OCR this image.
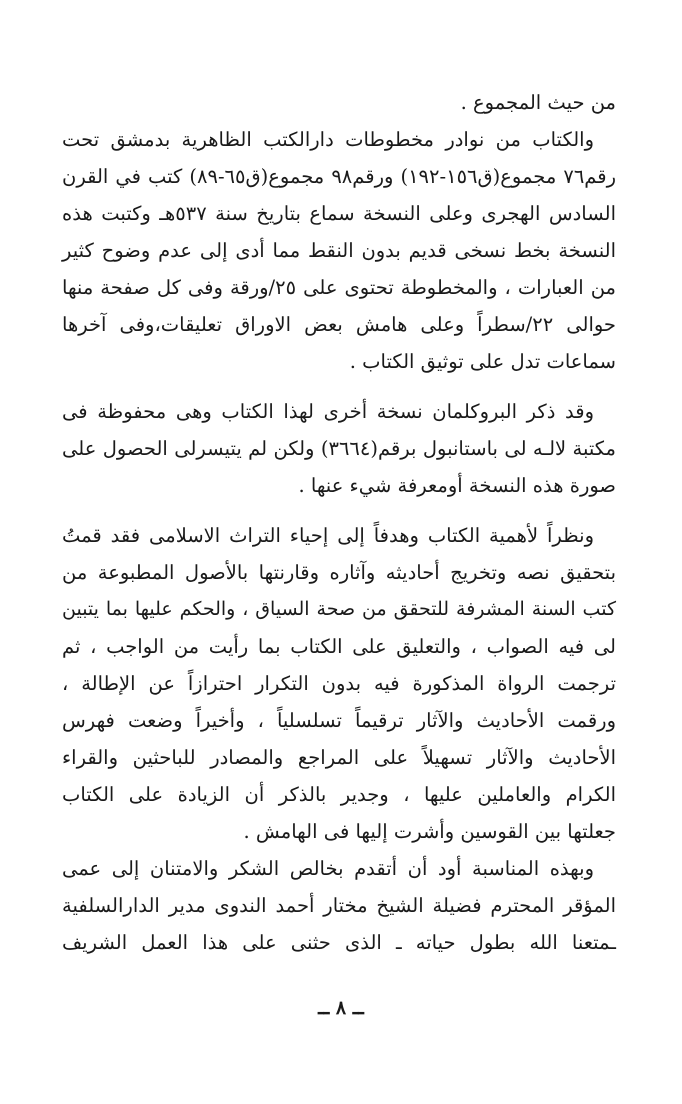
من حيث المجموع .
والكتاب من نوادر مخطوطات دارالكتب الظاهرية بدمشق تحت
رقم٧٦ مجموع(ق١٥٦-١٩٢) ورقم٩٨ مجموع(ق٦٥-٨٩) كتب في القرن
السادس الهجرى وعلى النسخة سماع بتاريخ سنة ٥٣٧هـ وكتبت هذه
النسخة بخط نسخى قديم بدون النقط مما أدى إلى عدم وضوح كثير
من العبارات ، والمخطوطة تحتوى على ٢٥/ورقة وفى كل صفحة منها
حوالى ٢٢/سطراً وعلى هامش بعض الاوراق تعليقات،وفى آخرها
سماعات تدل على توثيق الكتاب .
وقد ذكر البروكلمان نسخة أخرى لهذا الكتاب وهى محفوظة فى
مكتبة لالـه لى باستانبول برقم(٣٦٦٤) ولكن لم يتيسرلى الحصول على
صورة هذه النسخة أومعرفة شيء عنها .
ونظراً لأهمية الكتاب وهدفاً إلى إحياء التراث الاسلامى فقد قمتُ
بتحقيق نصه وتخريج أحاديثه وآثاره وقارنتها بالأصول المطبوعة من
كتب السنة المشرفة للتحقق من صحة السياق ، والحكم عليها بما يتبين
لى فيه الصواب ، والتعليق على الكتاب بما رأيت من الواجب ، ثم
ترجمت الرواة المذكورة فيه بدون التكرار احترازاً عن الإطالة ،
ورقمت الأحاديث والآثار ترقيماً تسلسلياً ، وأخيراً وضعت فهرس
الأحاديث والآثار تسهيلاً على المراجع والمصادر للباحثين والقراء
الكرام والعاملين عليها ، وجدير بالذكر أن الزيادة على الكتاب
جعلتها بين القوسين وأشرت إليها فى الهامش .
وبهذه المناسبة أود أن أتقدم بخالص الشكر والامتنان إلى عمى
المؤقر المحترم فضيلة الشيخ مختار أحمد الندوى مدير الدارالسلفية
ـمتعنا الله بطول حياته ـ الذى حثنى على هذا العمل الشريف
ــ ٨ ــ
